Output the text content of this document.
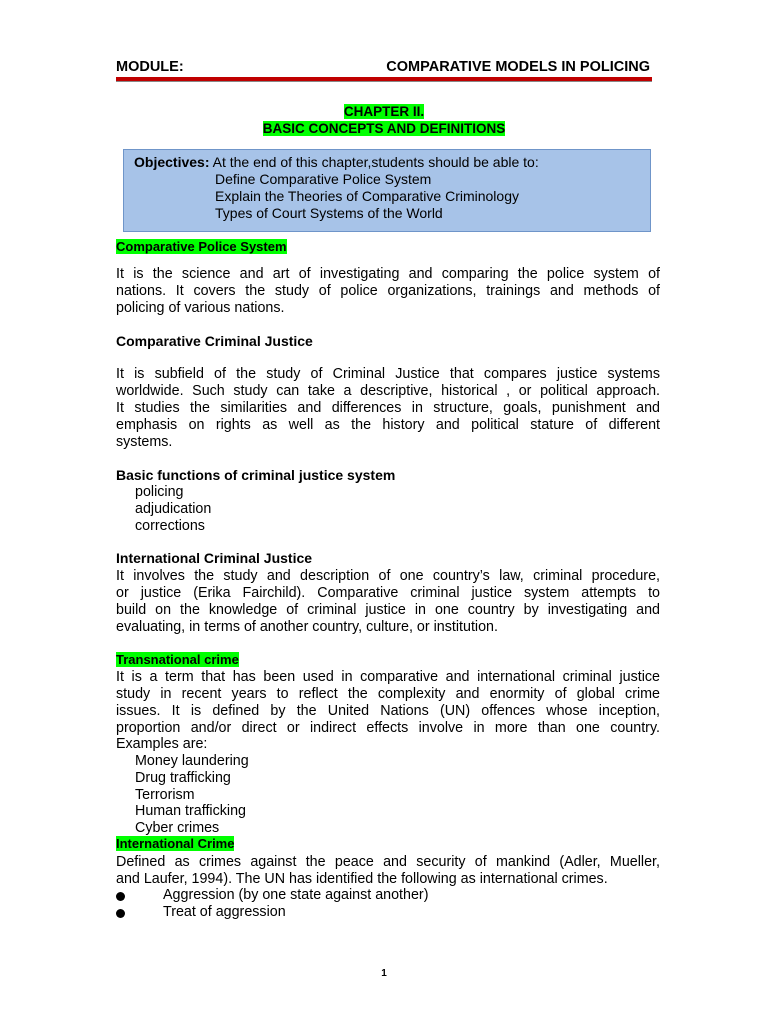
MODULE:	COMPARATIVE MODELS IN POLICING
CHAPTER II.
BASIC CONCEPTS AND DEFINITIONS
Objectives: At the end of this chapter,students should be able to:
Define Comparative Police System
Explain the Theories of Comparative Criminology
Types of Court Systems of the World
Comparative Police System
It is the science and art of investigating and comparing the police system of
nations. It covers the study of police organizations, trainings and methods of
policing of various nations.
Comparative Criminal Justice
It is subfield of the study of Criminal Justice that compares justice systems
worldwide. Such study can take a descriptive, historical , or political approach.
It studies the similarities and differences in structure, goals, punishment and
emphasis on rights as well as the history and political stature of different
systems.
Basic functions of criminal justice system
policing
adjudication
corrections
International Criminal Justice
It involves the study and description of one country’s law, criminal procedure,
or justice (Erika Fairchild). Comparative criminal justice system attempts to
build on the knowledge of criminal justice in one country by investigating and
evaluating, in terms of another country, culture, or institution.
Transnational crime
It is a term that has been used in comparative and international criminal justice
study in recent years to reflect the complexity and enormity of global crime
issues. It is defined by the United Nations (UN) offences whose inception,
proportion and/or direct or indirect effects involve in more than one country.
Examples are:
Money laundering
Drug trafficking
Terrorism
Human trafficking
Cyber crimes
International Crime
Defined as crimes against the peace and security of mankind (Adler, Mueller,
and Laufer, 1994). The UN has identified the following as international crimes.
Aggression (by one state against another)
Treat of aggression
1
